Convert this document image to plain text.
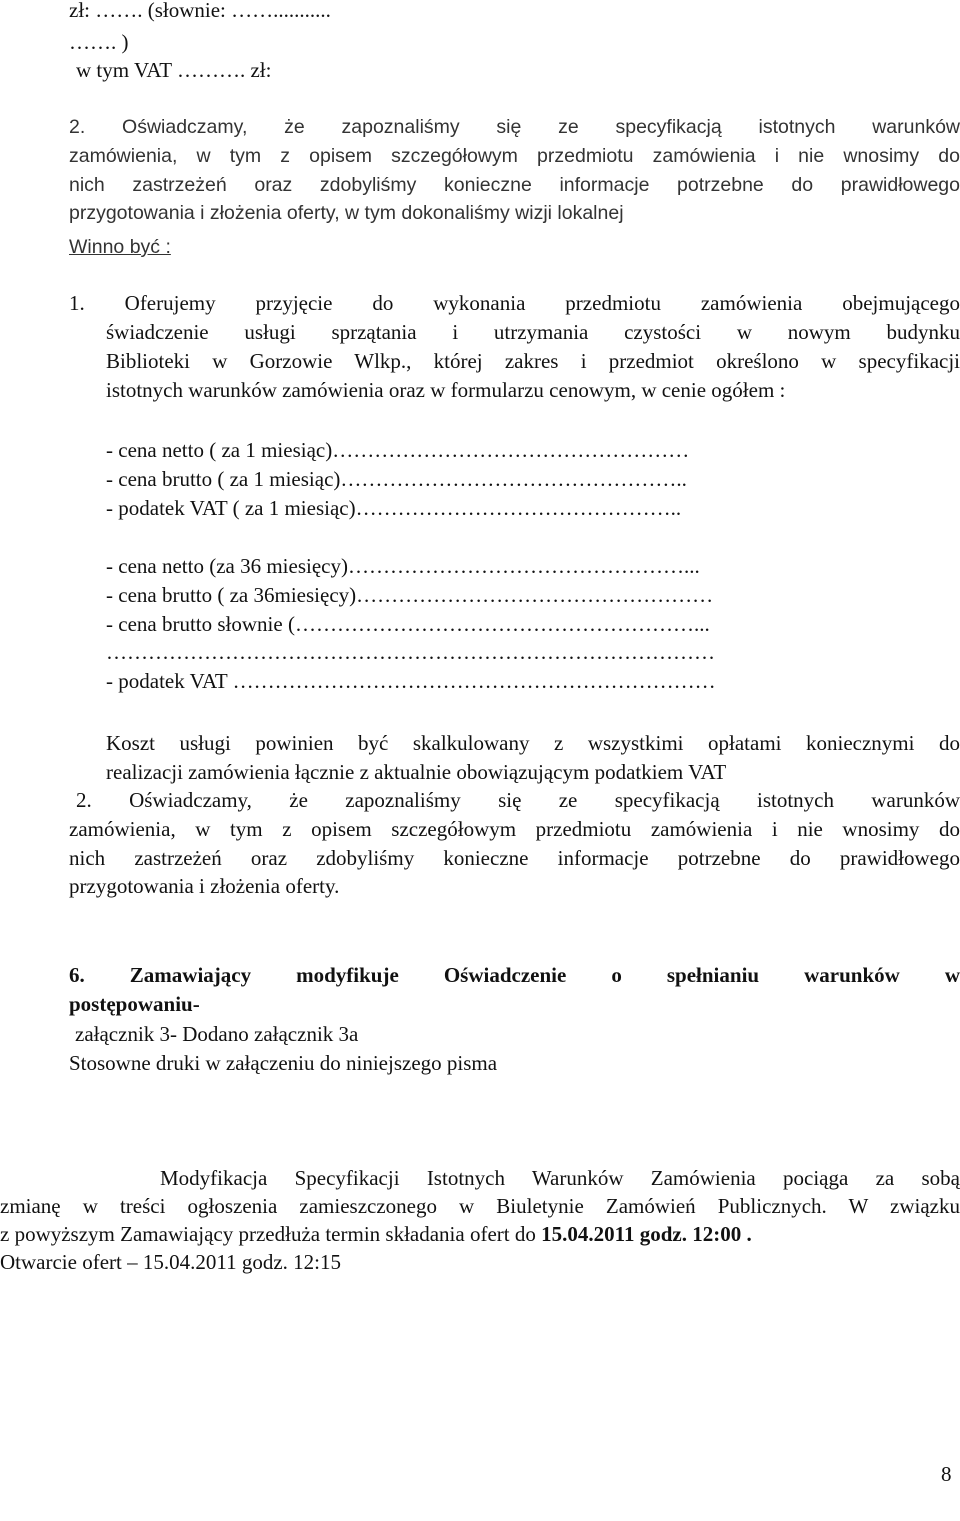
zł: ……. (słownie: ……...........
……. )
w tym VAT ………. zł:
2. Oświadczamy, że zapoznaliśmy się ze specyfikacją istotnych warunków
zamówienia, w tym z opisem szczegółowym przedmiotu zamówienia i nie wnosimy do
nich zastrzeżeń oraz zdobyliśmy konieczne informacje potrzebne do prawidłowego
przygotowania i złożenia oferty, w tym dokonaliśmy wizji lokalnej
Winno być :
1. Oferujemy przyjęcie do wykonania przedmiotu zamówienia obejmującego
świadczenie usługi sprzątania i utrzymania czystości w nowym budynku
Biblioteki w Gorzowie Wlkp., której zakres i przedmiot określono w specyfikacji
istotnych warunków zamówienia oraz w formularzu cenowym, w cenie ogółem :
- cena netto ( za 1 miesiąc)……………………………………………
- cena brutto ( za 1 miesiąc)…………………………………………..
- podatek VAT ( za 1 miesiąc)………………………………………..
- cena netto (za 36 miesięcy)…………………………………………...
- cena brutto ( za 36miesięcy)……………………………………………
- cena brutto słownie (…………………………………………………...
……………………………………………………………………………
- podatek VAT ……………………………………………………………
Koszt usługi powinien być skalkulowany z wszystkimi opłatami koniecznymi do
realizacji zamówienia łącznie z aktualnie obowiązującym podatkiem VAT
2. Oświadczamy, że zapoznaliśmy się ze specyfikacją istotnych warunków
zamówienia, w tym z opisem szczegółowym przedmiotu zamówienia i nie wnosimy do
nich zastrzeżeń oraz zdobyliśmy konieczne informacje potrzebne do prawidłowego
przygotowania i złożenia oferty.
6. Zamawiający modyfikuje Oświadczenie o spełnianiu warunków w
postępowaniu-
załącznik 3- Dodano załącznik 3a
Stosowne druki w załączeniu do niniejszego pisma
Modyfikacja Specyfikacji Istotnych Warunków Zamówienia pociąga za sobą
zmianę w treści ogłoszenia zamieszczonego w Biuletynie Zamówień Publicznych. W związku
z powyższym Zamawiający przedłuża termin składania ofert do 15.04.2011 godz. 12:00 .
Otwarcie ofert – 15.04.2011 godz. 12:15
8
